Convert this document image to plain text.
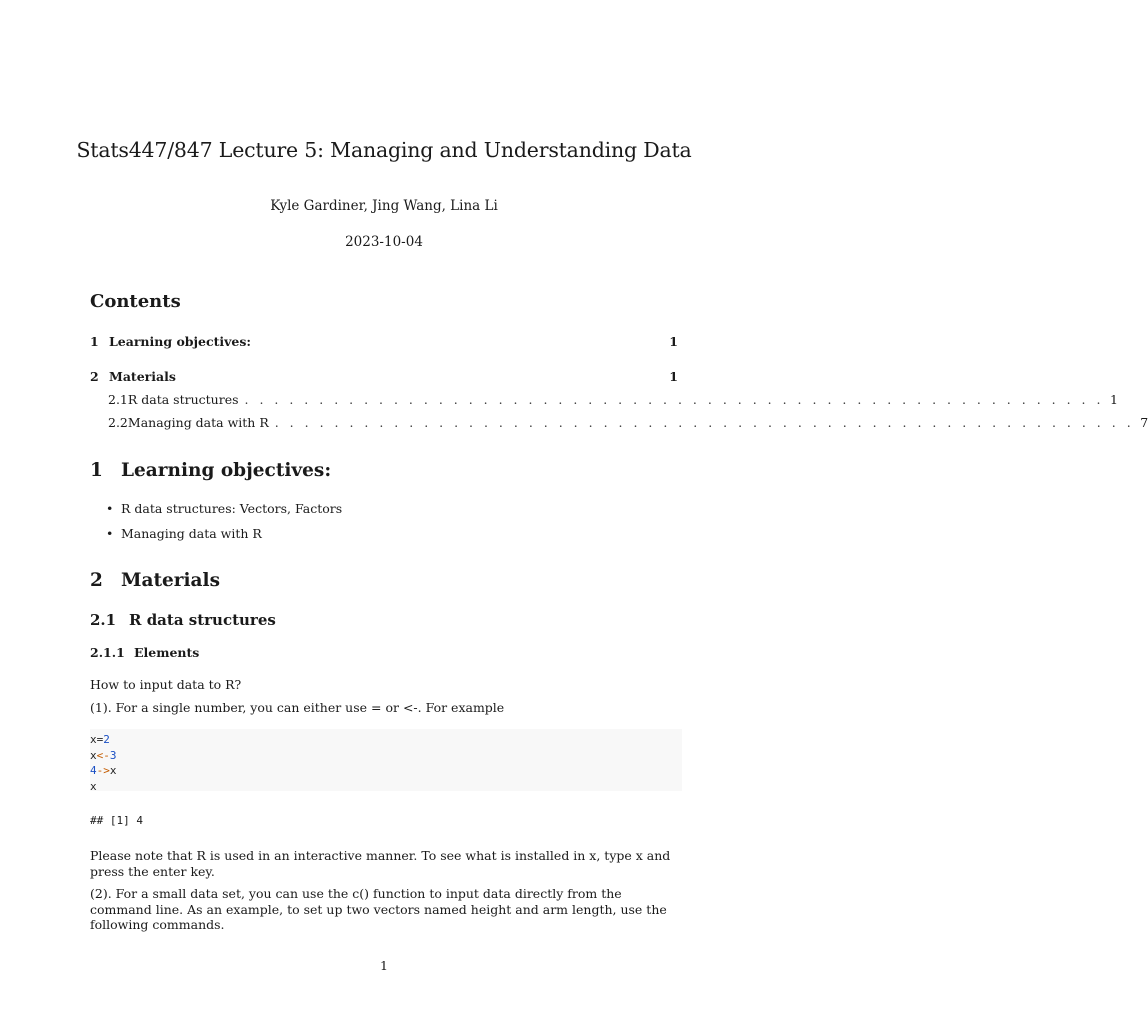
Stats447/847 Lecture 5: Managing and Understanding Data
Kyle Gardiner, Jing Wang, Lina Li
2023-10-04
Contents
1 Learning objectives:	1
2 Materials	1
2.1 R data structures . . . . . . . . . . . . . . . . . . . . . . . . . . . . . . . . . . . . . . . . . . . . . . . . . . . . . . . . . . 1
2.2 Managing data with R . . . . . . . . . . . . . . . . . . . . . . . . . . . . . . . . . . . . . . . . . . . . . . . . . . . . . . . . . . 7
1 Learning objectives:
• R data structures: Vectors, Factors
• Managing data with R
2 Materials
2.1 R data structures
2.1.1 Elements
How to input data to R?
(1). For a single number, you can either use = or <-. For example
x=2
x<-3
4->x
x
## [1] 4
Please note that R is used in an interactive manner. To see what is installed in x, type x and press the enter key.
(2). For a small data set, you can use the c() function to input data directly from the command line. As an example, to set up two vectors named height and arm length, use the following commands.
1
